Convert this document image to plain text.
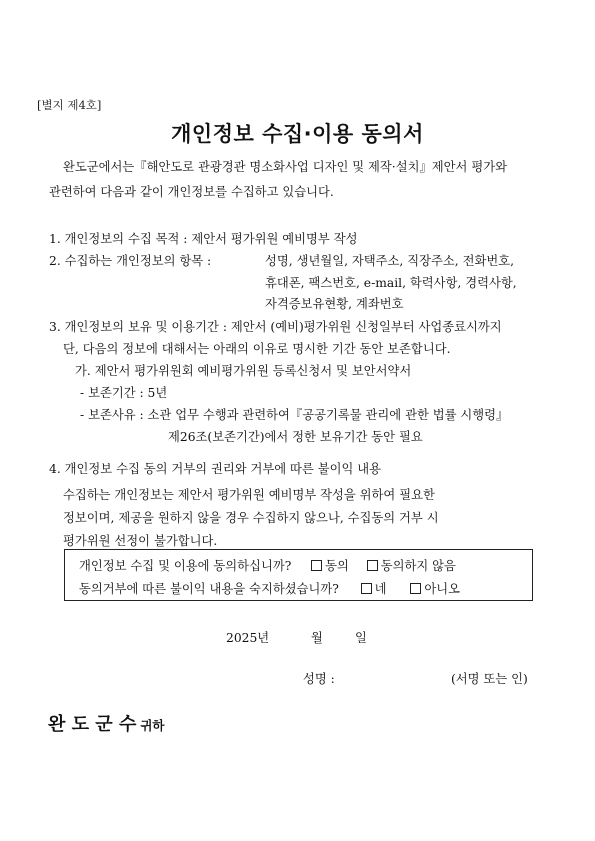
[별지 제4호]
개인정보 수집·이용 동의서
완도군에서는『해안도로 관광경관 명소화사업 디자인 및 제작·설치』제안서 평가와
관련하여 다음과 같이 개인정보를 수집하고 있습니다.
1. 개인정보의 수집 목적 : 제안서 평가위원 예비명부 작성
2. 수집하는 개인정보의 항목 :	성명, 생년월일, 자택주소, 직장주소, 전화번호,
휴대폰, 팩스번호, e-mail, 학력사항, 경력사항,
자격증보유현황, 계좌번호
3. 개인정보의 보유 및 이용기간 : 제안서 (예비)평가위원 신청일부터 사업종료시까지
단, 다음의 정보에 대해서는 아래의 이유로 명시한 기간 동안 보존합니다.
가. 제안서 평가위원회 예비평가위원 등록신청서 및 보안서약서
- 보존기간 : 5년
- 보존사유 : 소관 업무 수행과 관련하여『공공기록물 관리에 관한 법률 시행령』
제26조(보존기간)에서 정한 보유기간 동안 필요
4. 개인정보 수집 동의 거부의 권리와 거부에 따른 불이익 내용
수집하는 개인정보는 제안서 평가위원 예비명부 작성을 위하여 필요한
정보이며, 제공을 원하지 않을 경우 수집하지 않으나, 수집동의 거부 시
평가위원 선정이 불가합니다.
개인정보 수집 및 이용에 동의하십니까?	동의	동의하지 않음
동의거부에 따른 불이익 내용을 숙지하셨습니까?	네	아니오
2025년	월	일
성명 :	(서명 또는 인)
완 도 군 수 귀하
